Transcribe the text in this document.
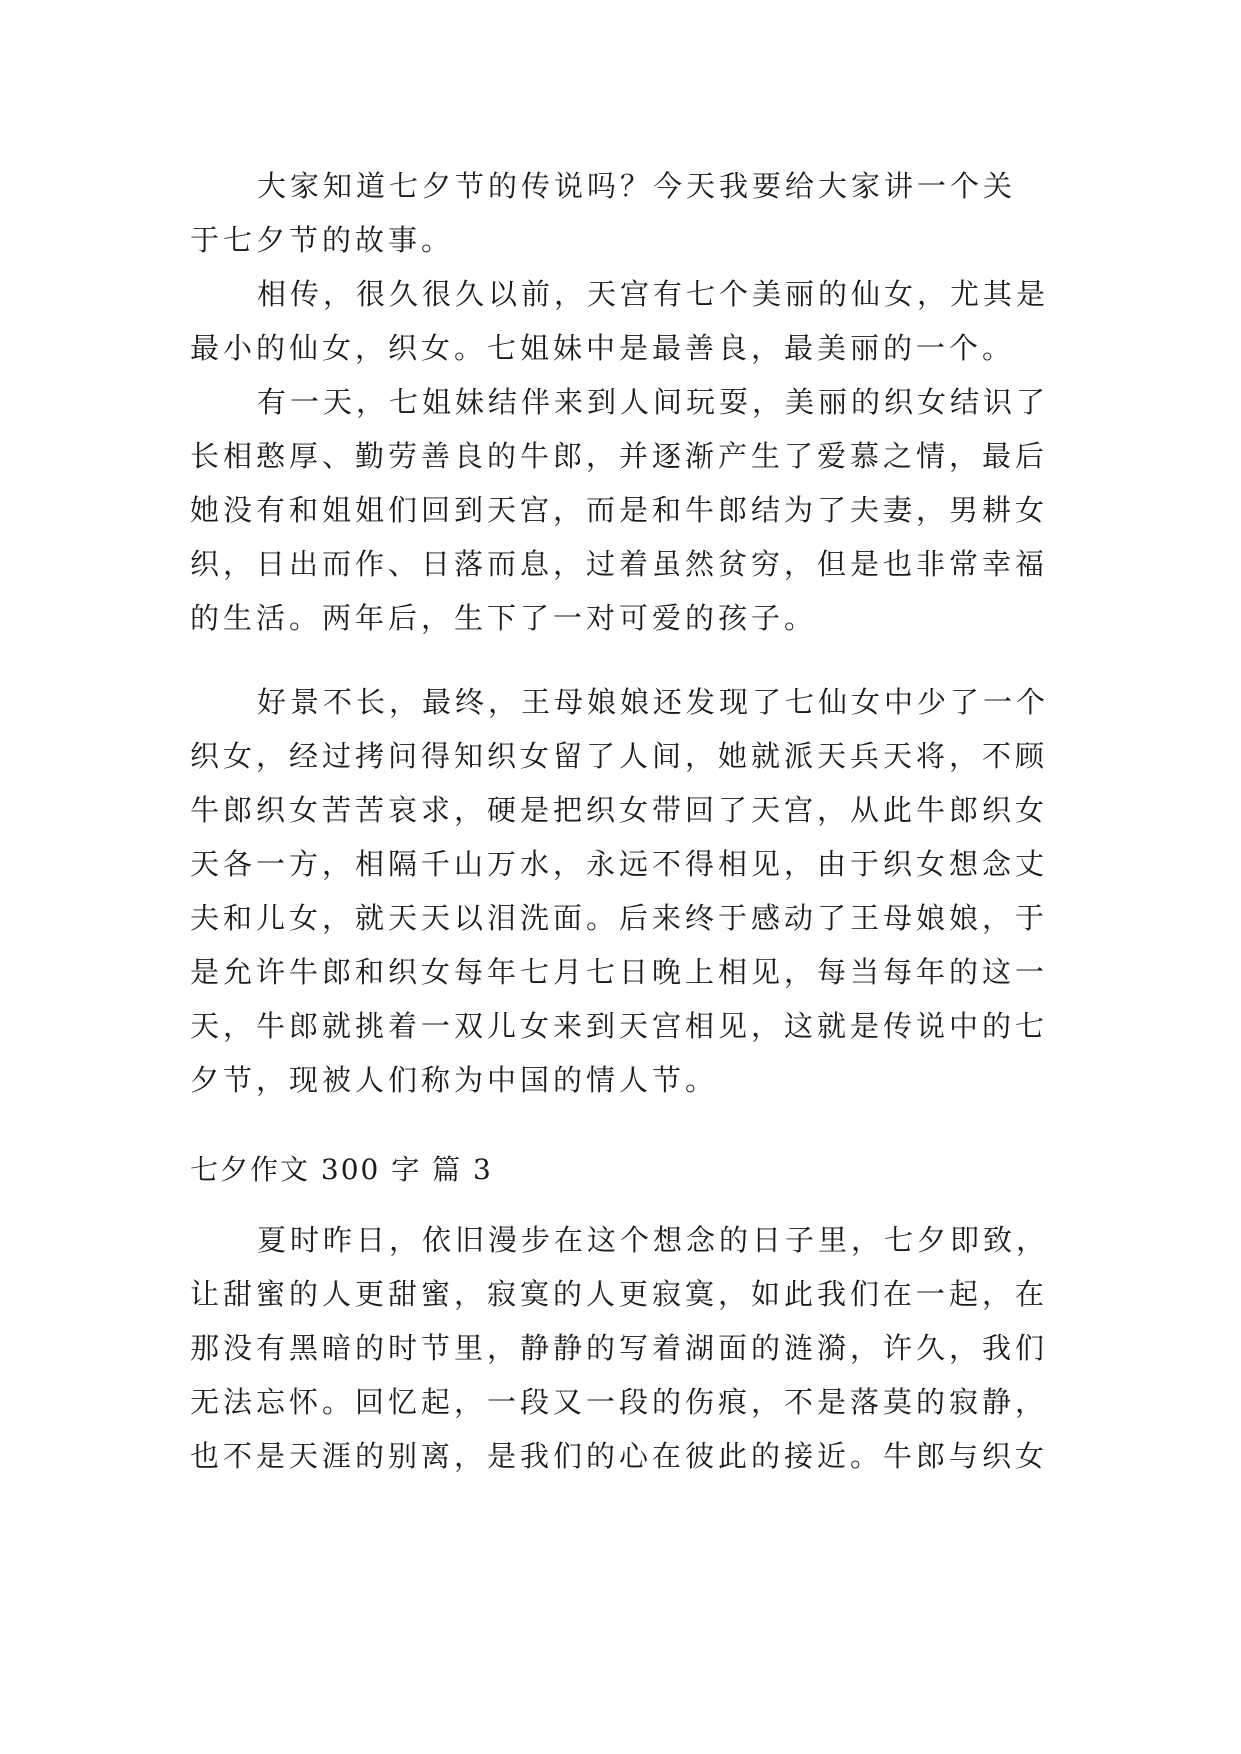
大家知道七夕节的传说吗？今天我要给大家讲一个关
于七夕节的故事。
相传，很久很久以前，天宫有七个美丽的仙女，尤其是
最小的仙女，织女。七姐妹中是最善良，最美丽的一个。
有一天，七姐妹结伴来到人间玩耍，美丽的织女结识了
长相憨厚、勤劳善良的牛郎，并逐渐产生了爱慕之情，最后
她没有和姐姐们回到天宫，而是和牛郎结为了夫妻，男耕女
织，日出而作、日落而息，过着虽然贫穷，但是也非常幸福
的生活。两年后，生下了一对可爱的孩子。
好景不长，最终，王母娘娘还发现了七仙女中少了一个
织女，经过拷问得知织女留了人间，她就派天兵天将，不顾
牛郎织女苦苦哀求，硬是把织女带回了天宫，从此牛郎织女
天各一方，相隔千山万水，永远不得相见，由于织女想念丈
夫和儿女，就天天以泪洗面。后来终于感动了王母娘娘，于
是允许牛郎和织女每年七月七日晚上相见，每当每年的这一
天，牛郎就挑着一双儿女来到天宫相见，这就是传说中的七
夕节，现被人们称为中国的情人节。
七夕作文 300 字 篇 3
夏时昨日，依旧漫步在这个想念的日子里，七夕即致，
让甜蜜的人更甜蜜，寂寞的人更寂寞，如此我们在一起，在
那没有黑暗的时节里，静静的写着湖面的涟漪，许久，我们
无法忘怀。回忆起，一段又一段的伤痕，不是落莫的寂静，
也不是天涯的别离，是我们的心在彼此的接近。牛郎与织女
